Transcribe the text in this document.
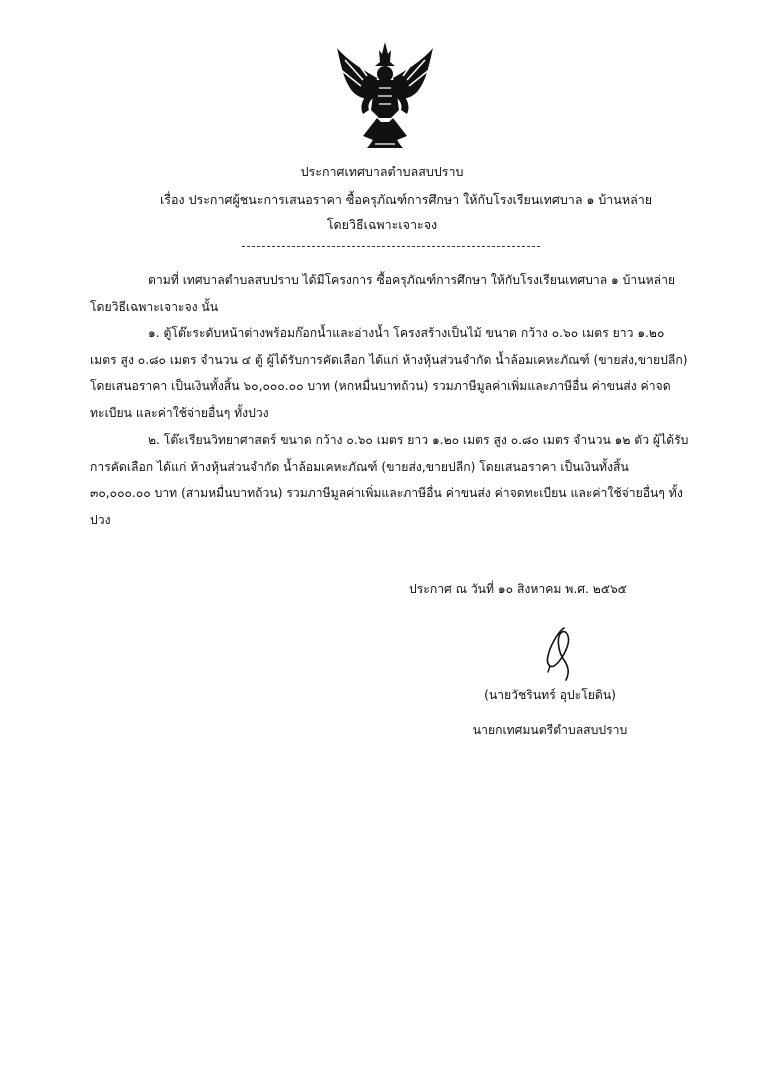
ประกาศเทศบาลตำบลสบปราบ
เรื่อง ประกาศผู้ชนะการเสนอราคา ซื้อครุภัณฑ์การศึกษา ให้กับโรงเรียนเทศบาล ๑ บ้านหล่าย
โดยวิธีเฉพาะเจาะจง
ตามที่ เทศบาลตำบลสบปราบ ได้มีโครงการ ซื้อครุภัณฑ์การศึกษา ให้กับโรงเรียนเทศบาล ๑ บ้านหล่าย โดยวิธีเฉพาะเจาะจง นั้น
๑. ตู้โต๊ะระดับหน้าต่างพร้อมก๊อกน้ำและอ่างน้ำ โครงสร้างเป็นไม้ ขนาด กว้าง ๐.๖๐ เมตร ยาว ๑.๒๐ เมตร สูง ๐.๘๐ เมตร จำนวน ๔ ตู้ ผู้ได้รับการคัดเลือก ได้แก่ ห้างหุ้นส่วนจำกัด น้ำล้อมเคหะภัณฑ์ (ขายส่ง,ขายปลีก) โดยเสนอราคา เป็นเงินทั้งสิ้น ๖๐,๐๐๐.๐๐ บาท (หกหมื่นบาทถ้วน) รวมภาษีมูลค่าเพิ่มและภาษีอื่น ค่าขนส่ง ค่าจดทะเบียน และค่าใช้จ่ายอื่นๆ ทั้งปวง
๒. โต๊ะเรียนวิทยาศาสตร์ ขนาด กว้าง ๐.๖๐ เมตร ยาว ๑.๒๐ เมตร สูง ๐.๘๐ เมตร จำนวน ๑๒ ตัว ผู้ได้รับการคัดเลือก ได้แก่ ห้างหุ้นส่วนจำกัด น้ำล้อมเคหะภัณฑ์ (ขายส่ง,ขายปลีก) โดยเสนอราคา เป็นเงินทั้งสิ้น ๓๐,๐๐๐.๐๐ บาท (สามหมื่นบาทถ้วน) รวมภาษีมูลค่าเพิ่มและภาษีอื่น ค่าขนส่ง ค่าจดทะเบียน และค่าใช้จ่ายอื่นๆ ทั้งปวง
ประกาศ ณ วันที่ ๑๐ สิงหาคม พ.ศ. ๒๕๖๕
(นายวัชรินทร์ อุปะโยดิน)
นายกเทศมนตรีตำบลสบปราบ
